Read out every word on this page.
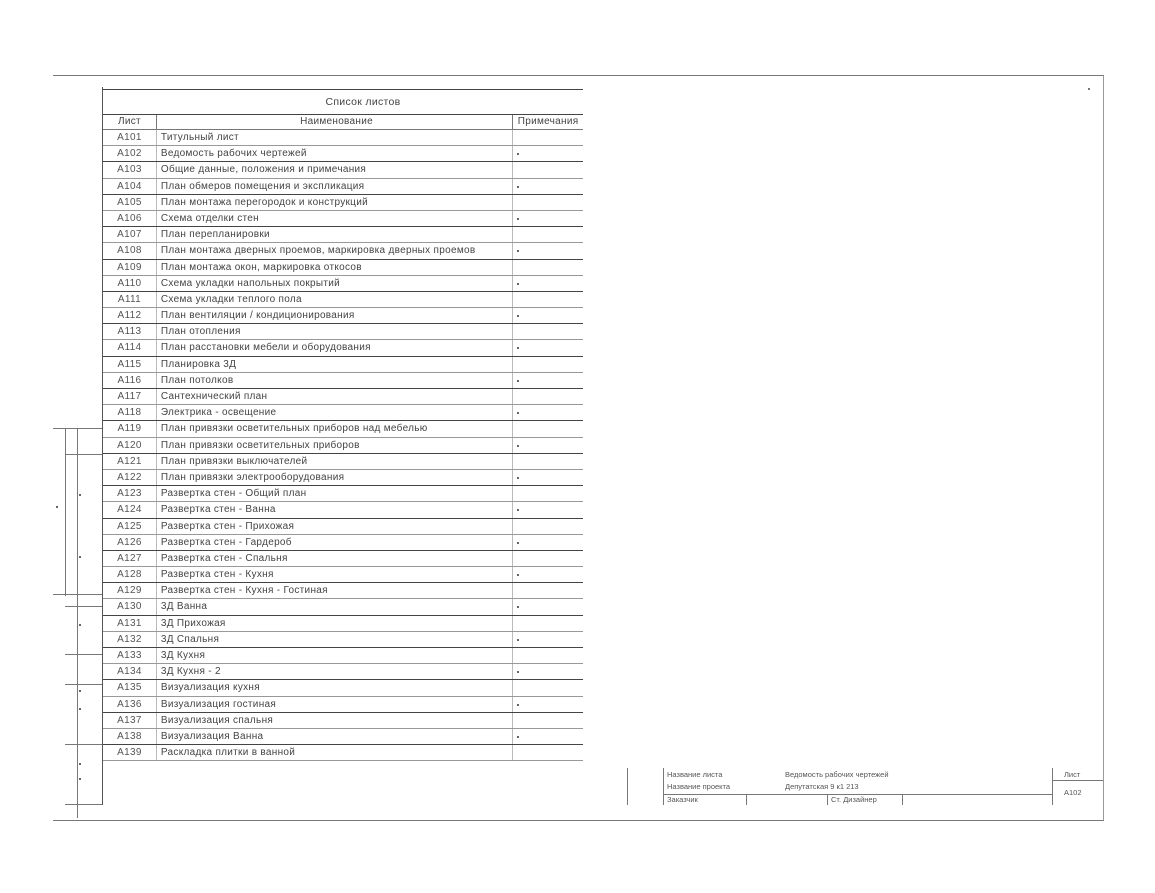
Список листов
Лист	Наименование	Примечания
А101	Титульный лист
А102	Ведомость рабочих чертежей
А103	Общие данные, положения и примечания
А104	План обмеров помещения и экспликация
А105	План монтажа перегородок и конструкций
А106	Схема отделки стен
А107	План перепланировки
А108	План монтажа дверных проемов, маркировка дверных проемов
А109	План монтажа окон, маркировка откосов
А110	Схема укладки напольных покрытий
А111	Схема укладки теплого пола
А112	План вентиляции / кондиционирования
А113	План отопления
А114	План расстановки мебели и оборудования
А115	Планировка 3Д
А116	План потолков
А117	Сантехнический план
А118	Электрика - освещение
А119	План привязки осветительных приборов над мебелью
А120	План привязки осветительных приборов
А121	План привязки выключателей
А122	План привязки электрооборудования
А123	Развертка стен - Общий план
А124	Развертка стен - Ванна
А125	Развертка стен - Прихожая
А126	Развертка стен - Гардероб
А127	Развертка стен - Спальня
А128	Развертка стен - Кухня
А129	Развертка стен - Кухня - Гостиная
А130	3Д Ванна
А131	3Д Прихожая
А132	3Д Спальня
А133	3Д Кухня
А134	3Д Кухня - 2
А135	Визуализация кухня
А136	Визуализация гостиная
А137	Визуализация спальня
А138	Визуализация Ванна
А139	Раскладка плитки в ванной
Название листа	Ведомость рабочих чертежей
Название проекта	Депутатская 9 к1 213
Заказчик	Ст. Дизайнер
Лист
А102
